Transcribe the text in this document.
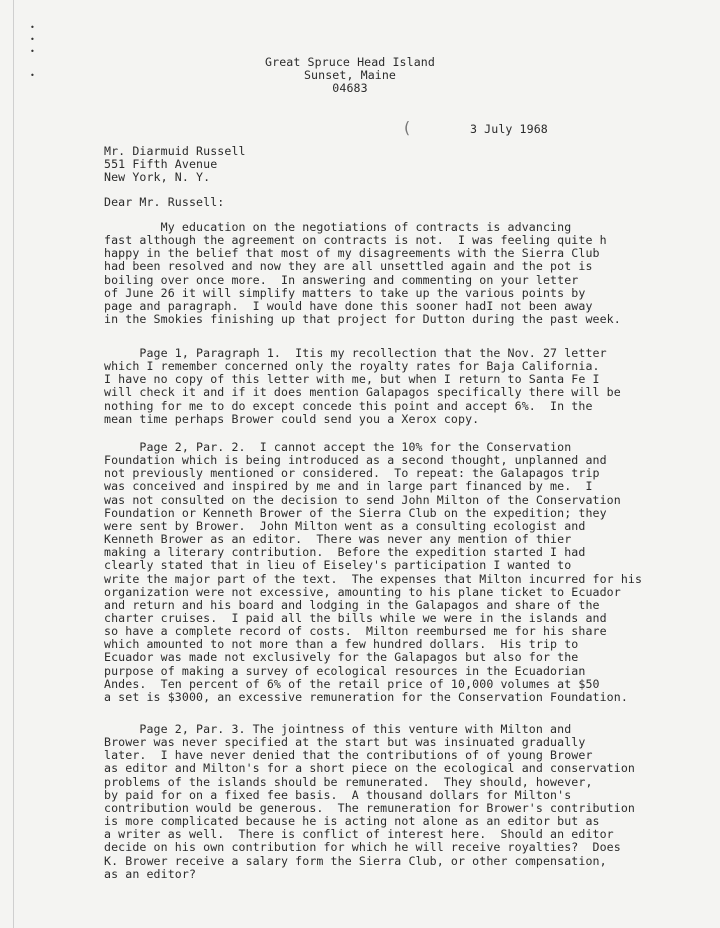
•
•
•

•
Great Spruce Head Island
Sunset, Maine
04683
(	3 July 1968
Mr. Diarmuid Russell
551 Fifth Avenue
New York, N. Y.
Dear Mr. Russell:
My education on the negotiations of contracts is advancing
fast although the agreement on contracts is not.  I was feeling quite h
happy in the belief that most of my disagreements with the Sierra Club
had been resolved and now they are all unsettled again and the pot is
boiling over once more.  In answering and commenting on your letter
of June 26 it will simplify matters to take up the various points by
page and paragraph.  I would have done this sooner hadI not been away
in the Smokies finishing up that project for Dutton during the past week.
Page 1, Paragraph 1.  Itis my recollection that the Nov. 27 letter
which I remember concerned only the royalty rates for Baja California.
I have no copy of this letter with me, but when I return to Santa Fe I
will check it and if it does mention Galapagos specifically there will be
nothing for me to do except concede this point and accept 6%.  In the
mean time perhaps Brower could send you a Xerox copy.
Page 2, Par. 2.  I cannot accept the 10% for the Conservation
Foundation which is being introduced as a second thought, unplanned and
not previously mentioned or considered.  To repeat: the Galapagos trip
was conceived and inspired by me and in large part financed by me.  I
was not consulted on the decision to send John Milton of the Conservation
Foundation or Kenneth Brower of the Sierra Club on the expedition; they
were sent by Brower.  John Milton went as a consulting ecologist and
Kenneth Brower as an editor.  There was never any mention of thier
making a literary contribution.  Before the expedition started I had
clearly stated that in lieu of Eiseley's participation I wanted to
write the major part of the text.  The expenses that Milton incurred for his
organization were not excessive, amounting to his plane ticket to Ecuador
and return and his board and lodging in the Galapagos and share of the
charter cruises.  I paid all the bills while we were in the islands and
so have a complete record of costs.  Milton reembursed me for his share
which amounted to not more than a few hundred dollars.  His trip to
Ecuador was made not exclusively for the Galapagos but also for the
purpose of making a survey of ecological resources in the Ecuadorian
Andes.  Ten percent of 6% of the retail price of 10,000 volumes at $50
a set is $3000, an excessive remuneration for the Conservation Foundation.
Page 2, Par. 3. The jointness of this venture with Milton and
Brower was never specified at the start but was insinuated gradually
later.  I have never denied that the contributions of of young Brower
as editor and Milton's for a short piece on the ecological and conservation
problems of the islands should be remunerated.  They should, however,
by paid for on a fixed fee basis.  A thousand dollars for Milton's
contribution would be generous.  The remuneration for Brower's contribution
is more complicated because he is acting not alone as an editor but as
a writer as well.  There is conflict of interest here.  Should an editor
decide on his own contribution for which he will receive royalties?  Does
K. Brower receive a salary form the Sierra Club, or other compensation,
as an editor?
